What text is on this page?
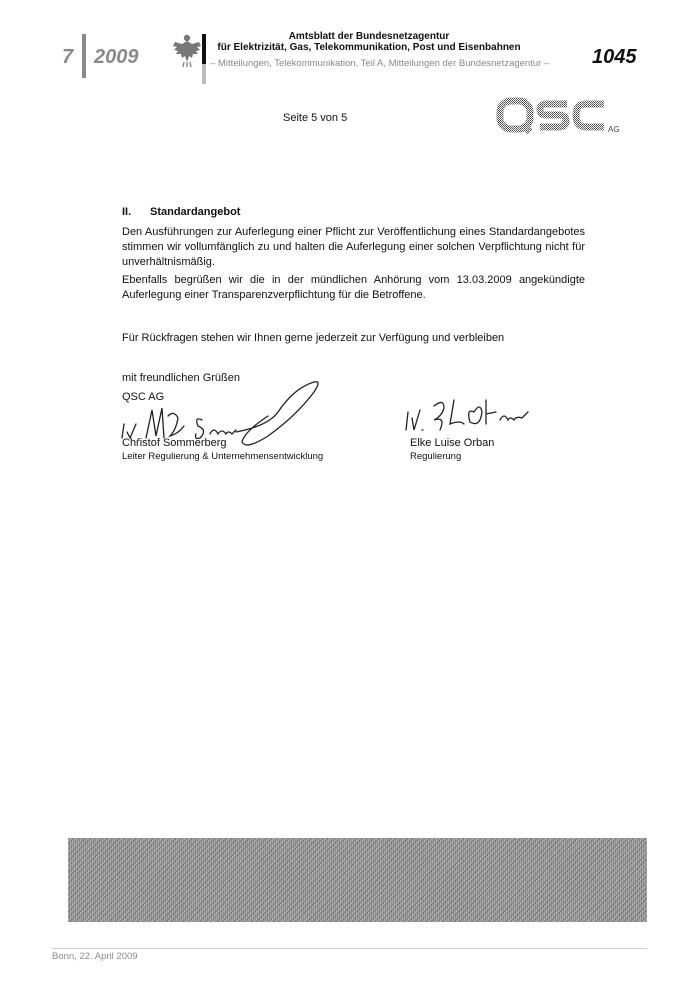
7 2009
Amtsblatt der Bundesnetzagentur
für Elektrizität, Gas, Telekommunikation, Post und Eisenbahnen
– Mitteilungen, Telekommunikation, Teil A, Mitteilungen der Bundesnetzagentur – 1045
Seite 5 von 5
AG
II. Standardangebot
Den Ausführungen zur Auferlegung einer Pflicht zur Veröffentlichung eines Standardangebotes stimmen wir vollumfänglich zu und halten die Auferlegung einer solchen Verpflichtung nicht für unverhältnismäßig.
Ebenfalls begrüßen wir die in der mündlichen Anhörung vom 13.03.2009 angekündigte Auferlegung einer Transparenzverpflichtung für die Betroffene.
Für Rückfragen stehen wir Ihnen gerne jederzeit zur Verfügung und verbleiben
mit freundlichen Grüßen
QSC AG
Christof Sommerberg
Leiter Regulierung & Unternehmensentwicklung
Elke Luise Orban
Regulierung
Bonn, 22. April 2009
